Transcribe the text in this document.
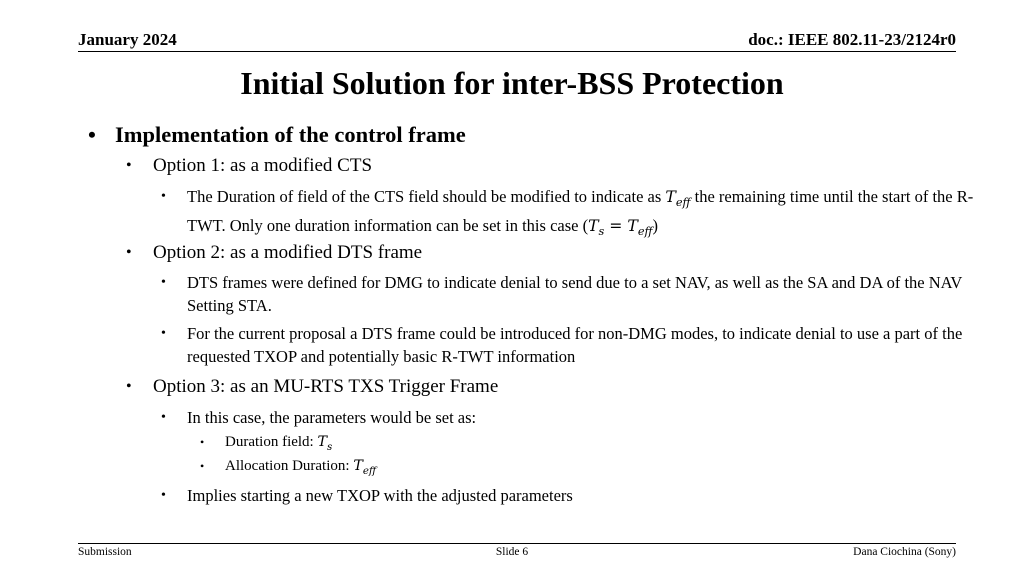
January 2024	doc.: IEEE 802.11-23/2124r0
Initial Solution for inter-BSS Protection
• Implementation of the control frame
• Option 1: as a modified CTS
• The Duration of field of the CTS field should be modified to indicate as $T_{eff}$ the remaining time until the start of the R-TWT. Only one duration information can be set in this case $(T_s = T_{eff})$
• Option 2: as a modified DTS frame
• DTS frames were defined for DMG to indicate denial to send due to a set NAV, as well as the SA and DA of the NAV Setting STA.
• For the current proposal a DTS frame could be introduced for non-DMG modes, to indicate denial to use a part of the requested TXOP and potentially basic R-TWT information
• Option 3: as an MU-RTS TXS Trigger Frame
• In this case, the parameters would be set as:
• Duration field: $T_s$
• Allocation Duration: $T_{eff}$
• Implies starting a new TXOP with the adjusted parameters
Submission	Slide 6	Dana Ciochina (Sony)
